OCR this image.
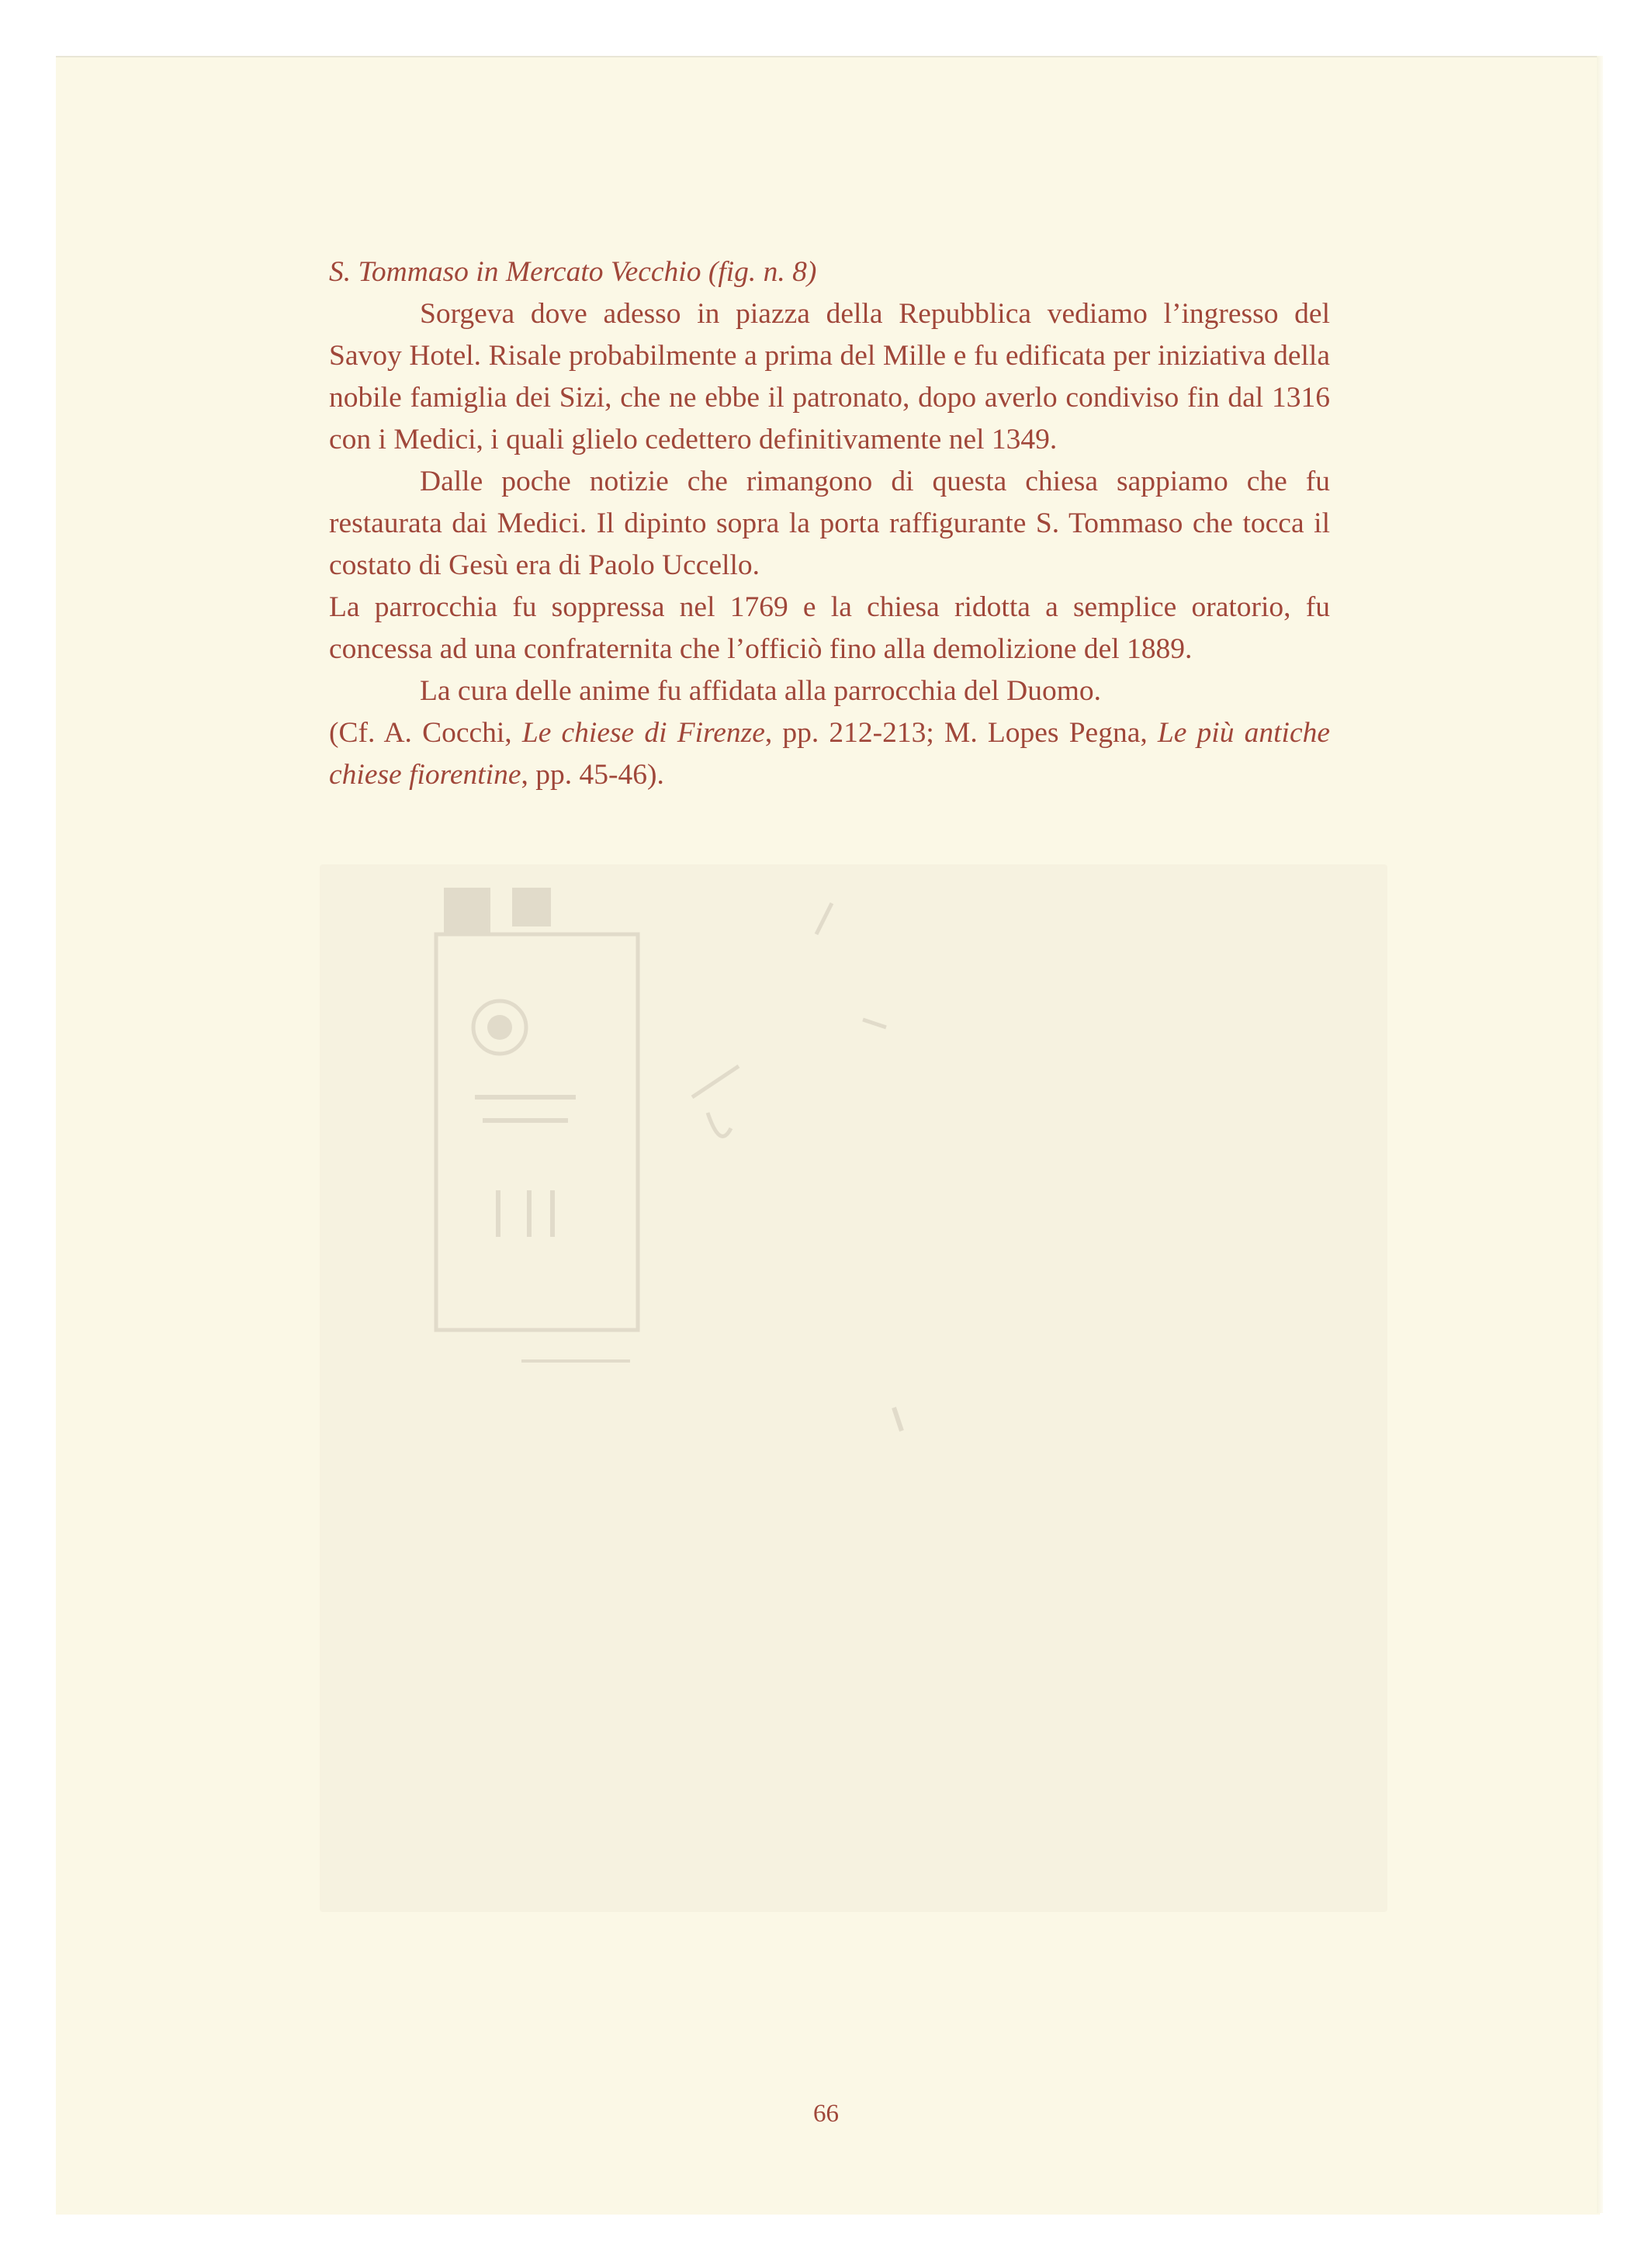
S. Tommaso in Mercato Vecchio (fig. n. 8)

Sorgeva dove adesso in piazza della Repubblica vediamo l’ingresso del Savoy Hotel. Risale probabilmente a prima del Mille e fu edificata per iniziativa della nobile famiglia dei Sizi, che ne ebbe il patronato, dopo averlo condiviso fin dal 1316 con i Medici, i quali glielo cedettero definitivamente nel 1349.

Dalle poche notizie che rimangono di questa chiesa sappiamo che fu restaurata dai Medici. Il dipinto sopra la porta raffigurante S. Tommaso che tocca il costato di Gesù era di Paolo Uccello.

La parrocchia fu soppressa nel 1769 e la chiesa ridotta a semplice oratorio, fu concessa ad una confraternita che l’officiò fino alla demolizione del 1889.

La cura delle anime fu affidata alla parrocchia del Duomo.

(Cf. A. Cocchi, Le chiese di Firenze, pp. 212-213; M. Lopes Pegna, Le più antiche chiese fiorentine, pp. 45-46).

66
